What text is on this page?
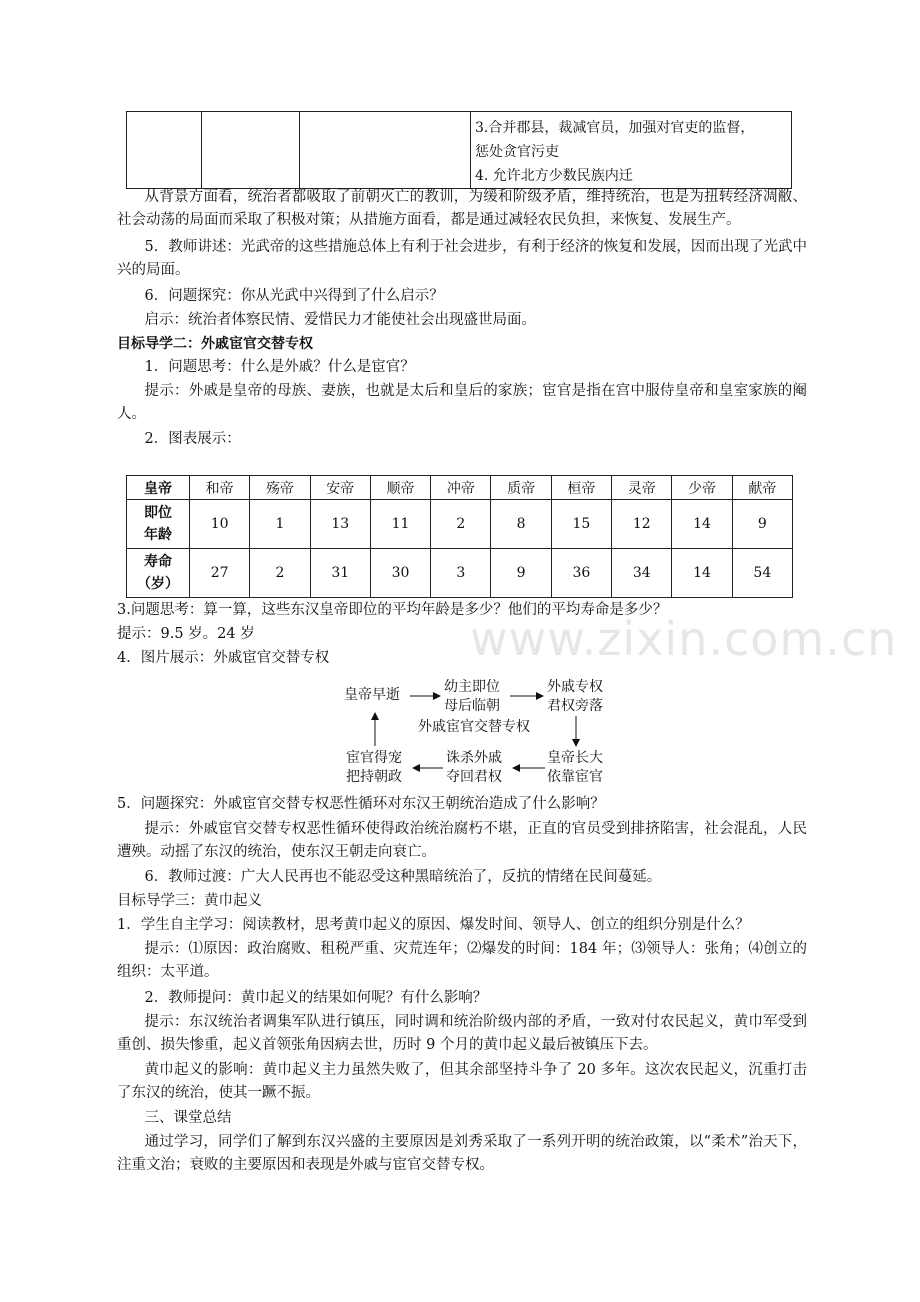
3.合并郡县，裁减官员，加强对官吏的监督，
惩处贪官污吏
4. 允许北方少数民族内迁
从背景方面看，统治者都吸取了前朝灭亡的教训，为缓和阶级矛盾，维持统治，也是为扭转经济凋敝、社会动荡的局面而采取了积极对策；从措施方面看，都是通过减轻农民负担，来恢复、发展生产。
5．教师讲述：光武帝的这些措施总体上有利于社会进步，有利于经济的恢复和发展，因而出现了光武中兴的局面。
6．问题探究：你从光武中兴得到了什么启示？
启示：统治者体察民情、爱惜民力才能使社会出现盛世局面。
目标导学二：外戚宦官交替专权
1．问题思考：什么是外戚？什么是宦官？
提示：外戚是皇帝的母族、妻族，也就是太后和皇后的家族；宦官是指在宫中服侍皇帝和皇室家族的阉人。
2．图表展示：
皇帝	和帝	殇帝	安帝	顺帝	冲帝	质帝	桓帝	灵帝	少帝	献帝

即位
年龄	10	1	13	11	2	8	15	12	14	9

寿命
（岁）	27	2	31	30	3	9	36	34	14	54
3.问题思考：算一算，这些东汉皇帝即位的平均年龄是多少？他们的平均寿命是多少？
提示：9.5 岁。24 岁
4．图片展示：外戚宦官交替专权	www.zixin.com.cn
皇帝早逝	幼主即位
母后临朝
外戚专权
君权旁落
外戚宦官交替专权
皇帝长大
依靠宦官
诛杀外戚
夺回君权
宦官得宠
把持朝政
5．问题探究：外戚宦官交替专权恶性循环对东汉王朝统治造成了什么影响？
提示：外戚宦官交替专权恶性循环使得政治统治腐朽不堪，正直的官员受到排挤陷害，社会混乱，人民遭殃。动摇了东汉的统治，使东汉王朝走向衰亡。
6．教师过渡：广大人民再也不能忍受这种黑暗统治了，反抗的情绪在民间蔓延。
目标导学三：黄巾起义
1．学生自主学习：阅读教材，思考黄巾起义的原因、爆发时间、领导人、创立的组织分别是什么？
提示：⑴原因：政治腐败、租税严重、灾荒连年；⑵爆发的时间：184 年；⑶领导人：张角；⑷创立的组织：太平道。
2．教师提问：黄巾起义的结果如何呢？有什么影响？
提示：东汉统治者调集军队进行镇压，同时调和统治阶级内部的矛盾，一致对付农民起义，黄巾军受到重创、损失惨重，起义首领张角因病去世，历时 9 个月的黄巾起义最后被镇压下去。
黄巾起义的影响：黄巾起义主力虽然失败了，但其余部坚持斗争了 20 多年。这次农民起义，沉重打击了东汉的统治，使其一蹶不振。
三、课堂总结
通过学习，同学们了解到东汉兴盛的主要原因是刘秀采取了一系列开明的统治政策，以“柔术”治天下，注重文治；衰败的主要原因和表现是外戚与宦官交替专权。
